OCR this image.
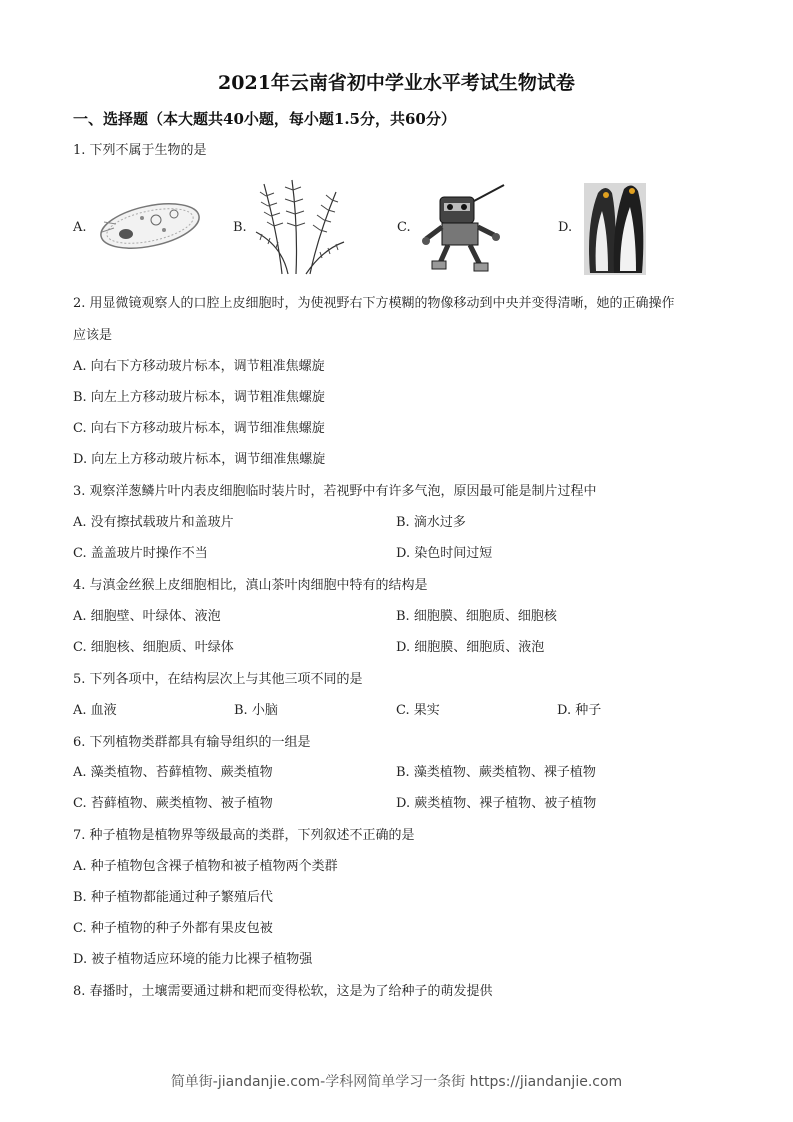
2021年云南省初中学业水平考试生物试卷
一、选择题（本大题共40小题，每小题1.5分，共60分）
1. 下列不属于生物的是
A.	B.	C.	D.
2. 用显微镜观察人的口腔上皮细胞时，为使视野右下方模糊的物像移动到中央并变得清晰，她的正确操作
应该是
A. 向右下方移动玻片标本，调节粗准焦螺旋
B. 向左上方移动玻片标本，调节粗准焦螺旋
C. 向右下方移动玻片标本，调节细准焦螺旋
D. 向左上方移动玻片标本，调节细准焦螺旋
3. 观察洋葱鳞片叶内表皮细胞临时装片时，若视野中有许多气泡，原因最可能是制片过程中
A. 没有擦拭载玻片和盖玻片	B. 滴水过多
C. 盖盖玻片时操作不当	D. 染色时间过短
4. 与滇金丝猴上皮细胞相比，滇山茶叶肉细胞中特有的结构是
A. 细胞壁、叶绿体、液泡	B. 细胞膜、细胞质、细胞核
C. 细胞核、细胞质、叶绿体	D. 细胞膜、细胞质、液泡
5. 下列各项中，在结构层次上与其他三项不同的是
A. 血液	B. 小脑	C. 果实	D. 种子
6. 下列植物类群都具有输导组织的一组是
A. 藻类植物、苔藓植物、蕨类植物	B. 藻类植物、蕨类植物、裸子植物
C. 苔藓植物、蕨类植物、被子植物	D. 蕨类植物、裸子植物、被子植物
7. 种子植物是植物界等级最高的类群，下列叙述不正确的是
A. 种子植物包含裸子植物和被子植物两个类群
B. 种子植物都能通过种子繁殖后代
C. 种子植物的种子外都有果皮包被
D. 被子植物适应环境的能力比裸子植物强
8. 春播时，土壤需要通过耕和耙而变得松软，这是为了给种子的萌发提供
简单街-jiandanjie.com-学科网简单学习一条街 https://jiandanjie.com
